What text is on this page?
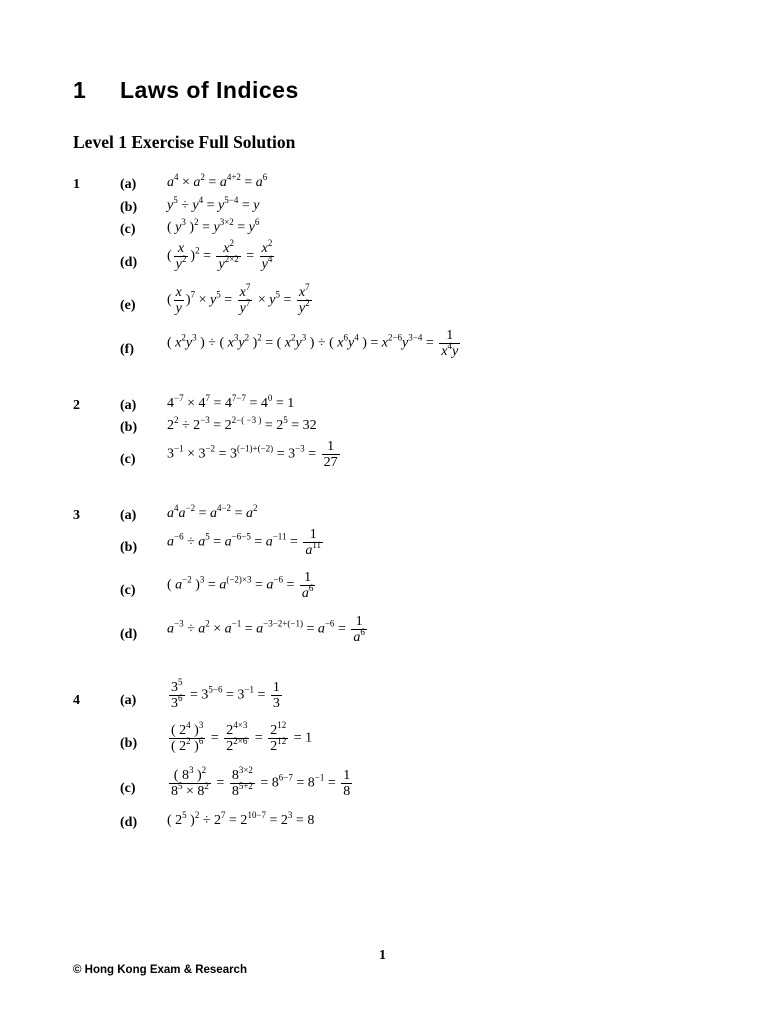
1 Laws of Indices
Level 1 Exercise Full Solution
1	(a) $a^4 \times a^2 = a^{4+2} = a^6$
(b) $y^5 \div y^4 = y^{5-4} = y$
(c) ( $y^3$ )$^2 = y^{3\times 2} = y^6$
(d) ( $\frac{x}{y^2} )^2 = \frac{x^2}{y^{2\times 2}} = \frac{x^2}{y^4}$
(e) ( $\frac{x}{y} )^7 \times y^5 = \frac{x^7}{y^7} \times y^5 = \frac{x^7}{y^2}$
(f) ( $x^2y^3$ ) ÷ ( $x^3y^2$ )$^2$ = ( $x^2y^3$ ) ÷ ( $x^6y^4$ ) = $x^{2-6}y^{3-4} = \frac{1}{x^4y}$
2	(a) $4^{-7} \times 4^7 = 4^{7-7} = 4^0 = 1$
(b) $2^2 \div 2^{-3} = 2^{2-( -3 )} = 2^5 = 32$
(c) $3^{-1} \times 3^{-2} = 3^{(-1)+(-2)} = 3^{-3} = \frac{1}{27}$
3	(a) $a^4a^{-2} = a^{4-2} = a^2$
(b) $a^{-6} \div a^5 = a^{-6-5} = a^{-11} = \frac{1}{a^{11}}$
(c) ( $a^{-2}$ )$^3 = a^{(-2)\times 3} = a^{-6} = \frac{1}{a^6}$
(d) $a^{-3} \div a^2 \times a^{-1} = a^{-3-2+(-1)} = a^{-6} = \frac{1}{a^6}$
4	$(a) \frac{3^5}{3^6} = 3^{5-6} = 3^{-1} = \frac{1}{3}$
$(b) \frac{( 2^4 )^3}{( 2^2 )^6} = \frac{2^{4\times 3}}{2^{2\times 6}} = \frac{2^{12}}{2^{12}} = 1$
$(c) \frac{( 8^3 )^2}{8^5 \times 8^2} = \frac{8^{3\times 2}}{8^{5+2}} = 8^{6-7} = 8^{-1} = \frac{1}{8}$
(d) ( $2^5$ )$^2 \div 2^7 = 2^{10-7} = 2^3 = 8$
1
© Hong Kong Exam & Research
